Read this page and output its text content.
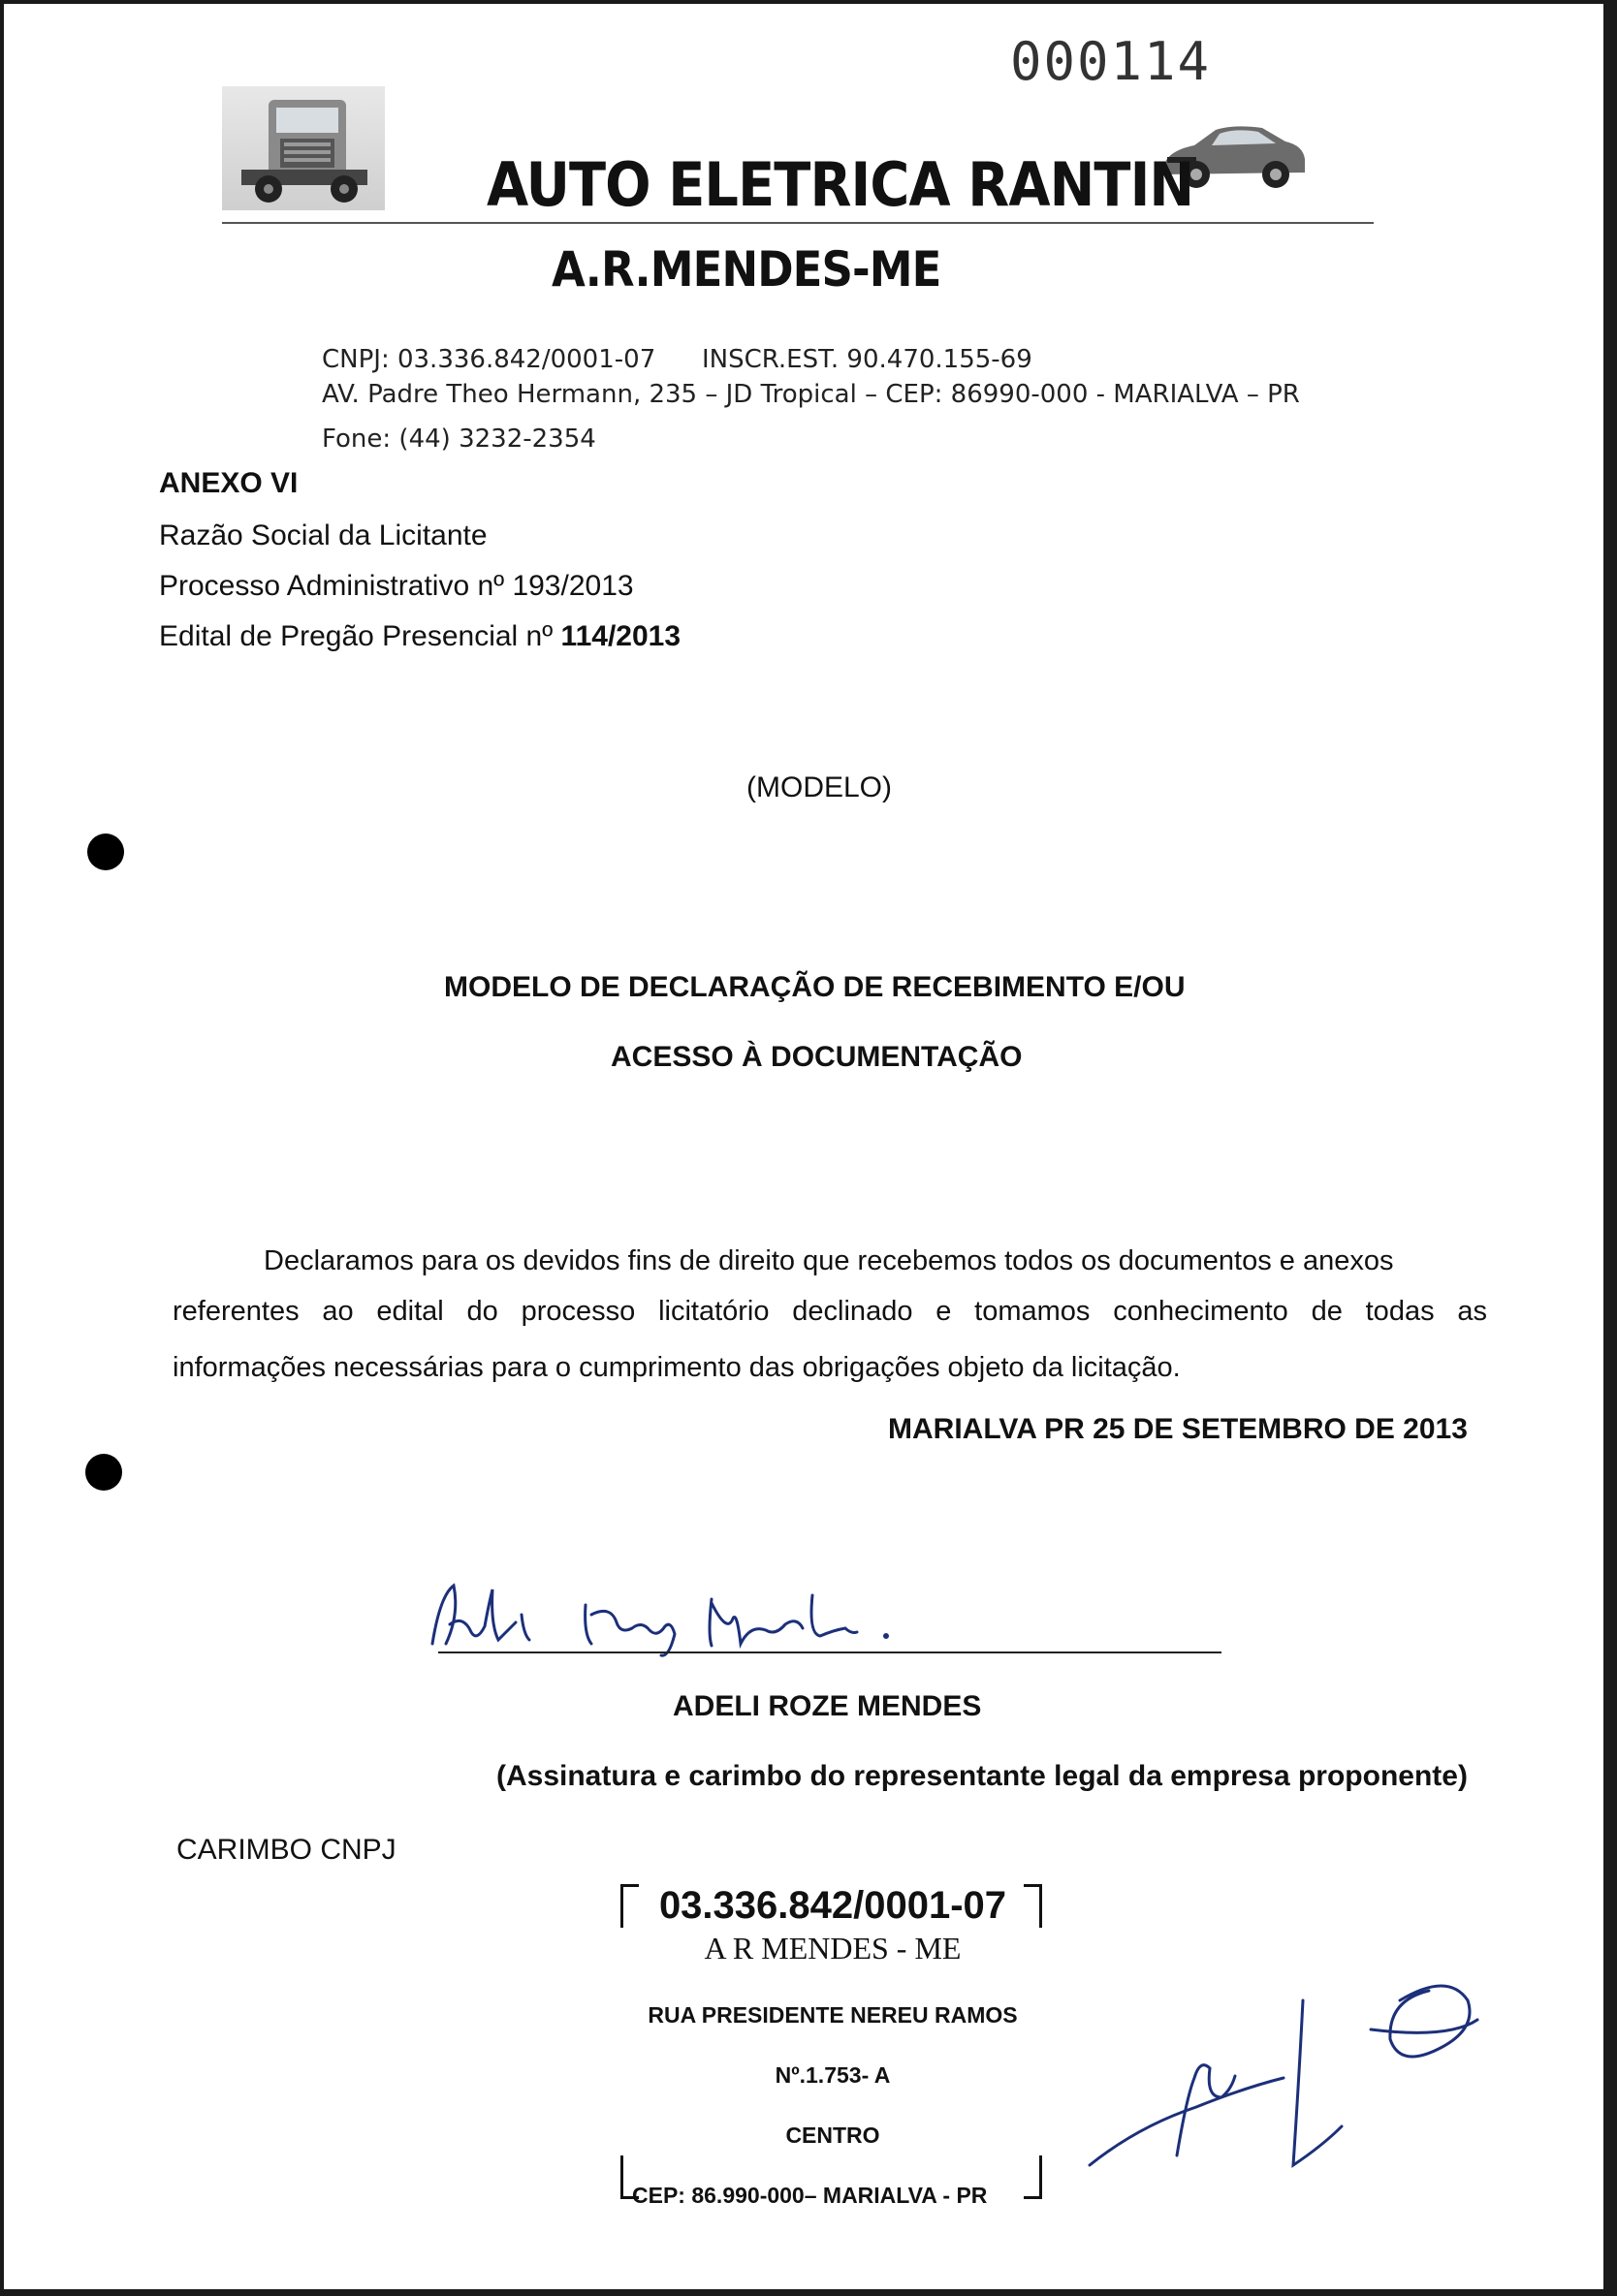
000114
AUTO ELETRICA RANTIN
A.R.MENDES-ME
CNPJ: 03.336.842/0001-07 INSCR.EST. 90.470.155-69
AV. Padre Theo Hermann, 235 – JD Tropical – CEP: 86990-000 - MARIALVA – PR
Fone: (44) 3232-2354
ANEXO VI
Razão Social da Licitante
Processo Administrativo nº 193/2013
Edital de Pregão Presencial nº 114/2013
(MODELO)
MODELO DE DECLARAÇÃO DE RECEBIMENTO E/OU
ACESSO À DOCUMENTAÇÃO
Declaramos para os devidos fins de direito que recebemos todos os documentos e anexos
referentes ao edital do processo licitatório declinado e tomamos conhecimento de todas as
informações necessárias para o cumprimento das obrigações objeto da licitação.
MARIALVA PR 25 DE SETEMBRO DE 2013
ADELI ROZE MENDES
(Assinatura e carimbo do representante legal da empresa proponente)
CARIMBO CNPJ
03.336.842/0001-07
A R MENDES - ME
RUA PRESIDENTE NEREU RAMOS
Nº.1.753- A
CENTRO
CEP: 86.990-000– MARIALVA - PR
